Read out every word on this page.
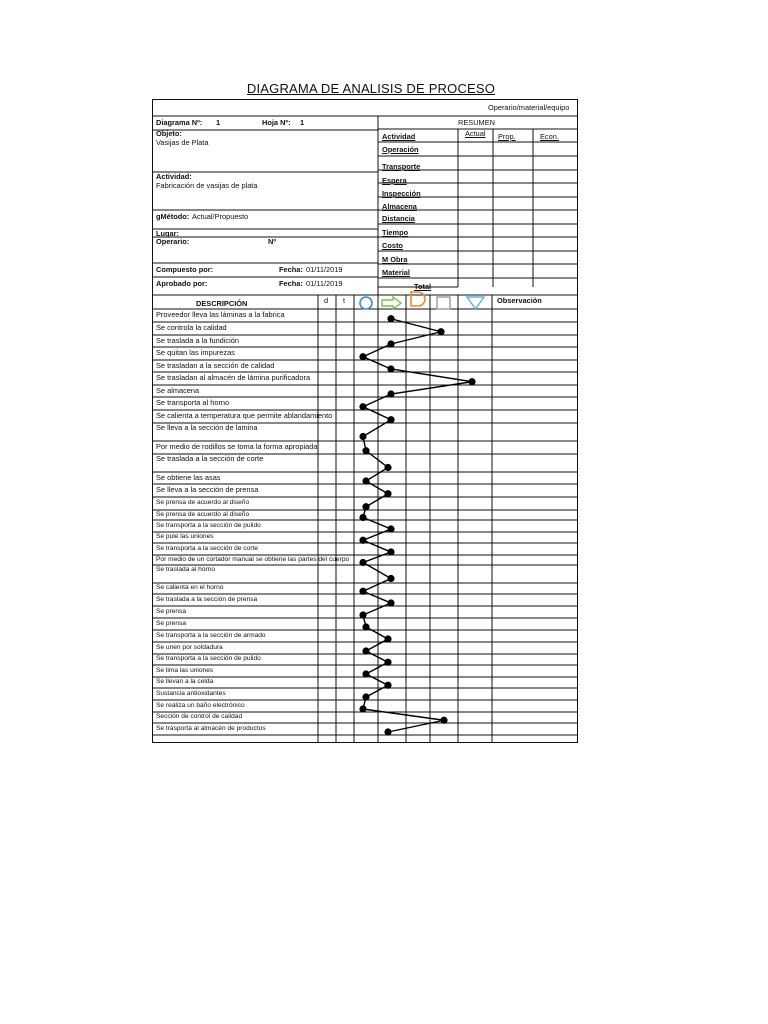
DIAGRAMA DE ANALISIS DE PROCESO
Operario/material/equipo
Diagrama Nº: 1	Hoja Nº: 1
Objeto:
Vasijas de Plata
Actividad:
Fabricación de vasijas de plata
gMétodo: Actual/Propuesto
Lugar:
Operario:	Nº
Compuesto por:	Fecha: 01/11/2019
Aprobado por:	Fecha: 01/11/2019
RESUMEN
Actividad	Actual Prop.	Econ.
Operación
Transporte
Espera
Inspección
Almacena
Distancia
Tiempo
Costo
M Obra
Material
Total
DESCRIPCIÓN	d t	Observación
Proveedor lleva las láminas a la fabrica
Se controla la calidad
Se traslada a la fundición
Se quitan las impurezas
Se trasladan a la sección de calidad
Se trasladan al almacén de lámina purificadora
Se almacena
Se transporta al horno
Se calienta a temperatura que permite ablandamiento
Se lleva a la sección de lamina
Por medio de rodillos se toma la forma apropiada
Se traslada a la sección de corte
Se obtiene las asas
Se lleva a la sección de prensa
Se prensa de acuerdo al diseño
Se prensa de acuerdo al diseño
Se transporta a la sección de pulido
Se pule las uniones
Se transporta a la sección de corte
Por medio de un cortador manual se obtiene las partes del cuerpo
Se traslada al horno
Se calienta en el horno
Se traslada a la sección de prensa
Se prensa
Se prensa
Se transporta a la sección de armado
Se unen por soldadura
Se transporta a la sección de pulido
Se lima las uniones
Se llevan a la celda
Sustancia antioxidantes
Se realiza un baño electrónico
Sección de control de calidad
Se trasporta al almacén de productos
